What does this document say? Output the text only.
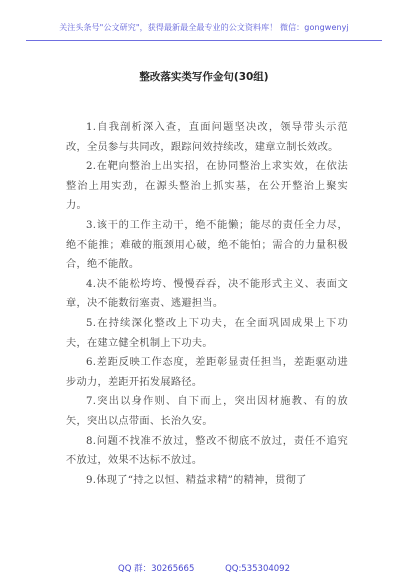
关注头条号"公文研究"，获得最新最全最专业的公文资料库！ 微信：gongwenyj
整改落实类写作金句(30组)

1.自我剖析深入查，直面问题坚决改，领导带头示范改，全员参与共同改，跟踪问效持续改，建章立制长效改。

2.在靶向整治上出实招，在协同整治上求实效，在依法整治上用实劲，在源头整治上抓实基，在公开整治上聚实力。

3.该干的工作主动干，绝不能懒；能尽的责任全力尽，绝不能推；难破的瓶颈用心破，绝不能怕；需合的力量积极合，绝不能散。

4.决不能松垮垮、慢慢吞吞，决不能形式主义、表面文章，决不能数衍塞责、逃避担当。

5.在持续深化整改上下功夫，在全面巩固成果上下功夫，在建立健全机制上下功夫。

6.差距反映工作态度，差距彰显责任担当，差距驱动进步动力，差距开拓发展路径。

7.突出以身作则、自下而上，突出因材施教、有的放矢，突出以点带面、长治久安。

8.问题不找准不放过，整改不彻底不放过，责任不追究不放过，效果不达标不放过。

9.体现了“持之以恒、精益求精”的精神，贯彻了

QQ 群：30265665	QQ:535304092
